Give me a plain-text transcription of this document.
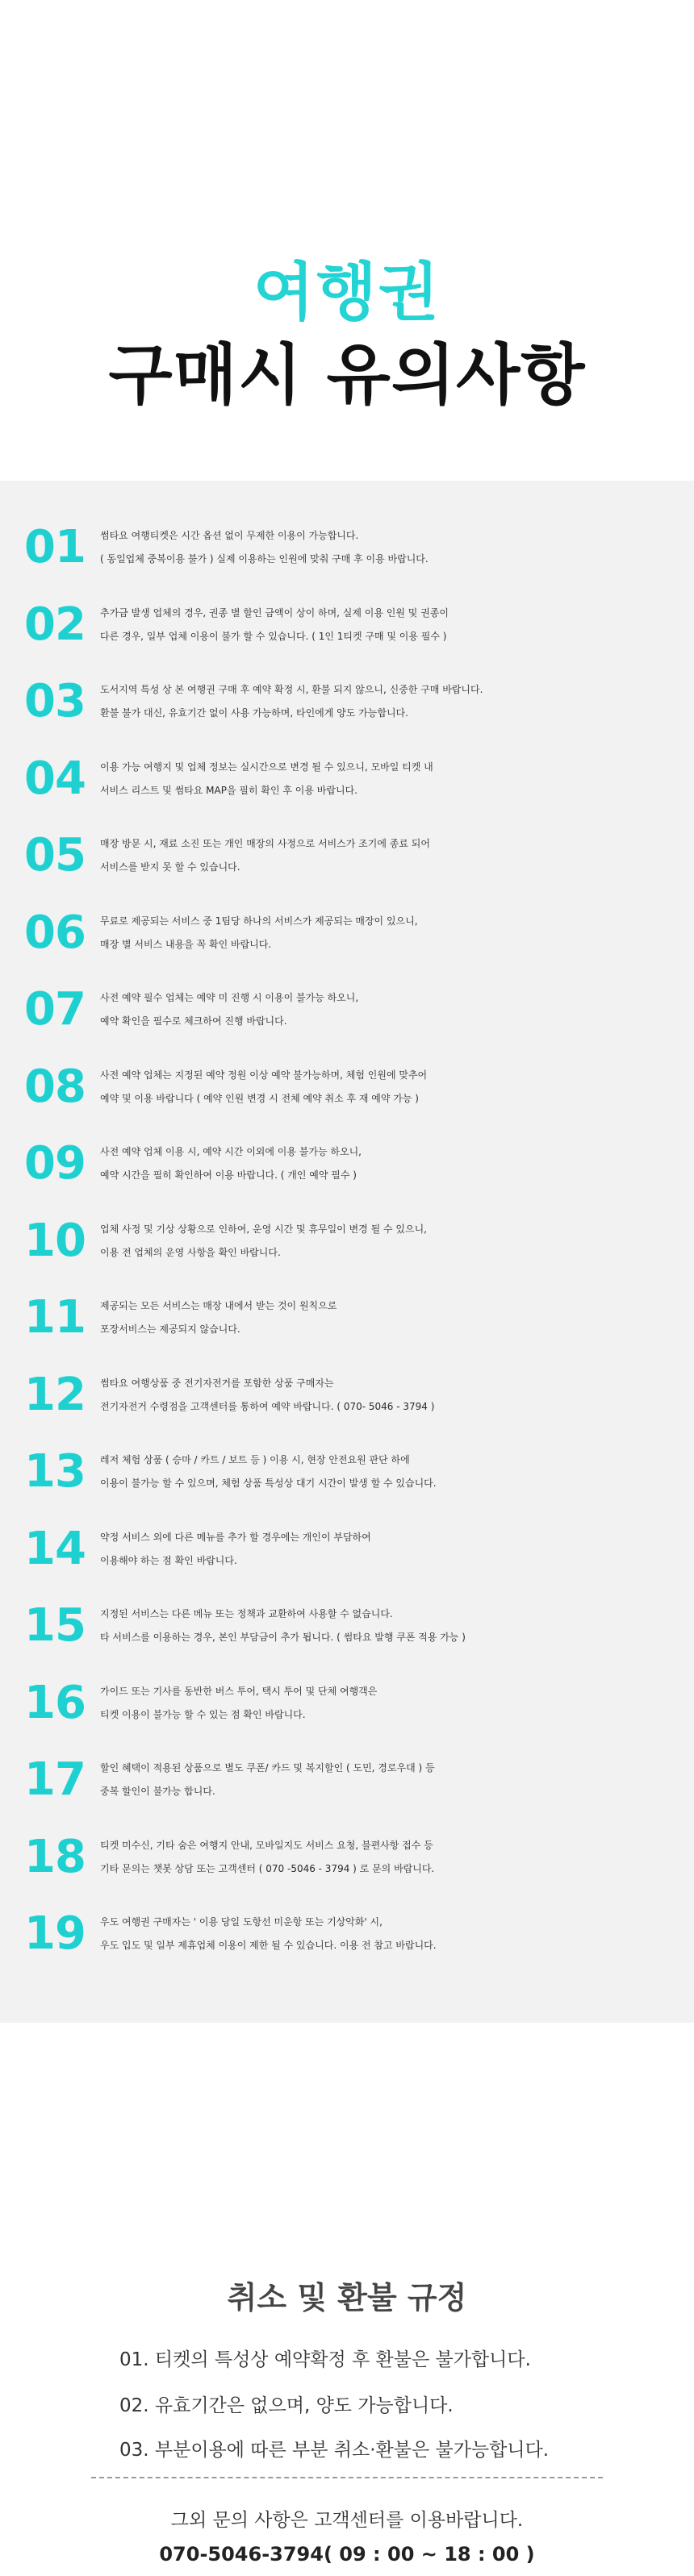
여행권
구매시 유의사항
취소 및 환불 규정
01. 티켓의 특성상 예약확정 후 환불은 불가합니다.
02. 유효기간은 없으며, 양도 가능합니다.
03. 부분이용에 따른 부분 취소·환불은 불가능합니다.
그외 문의 사항은 고객센터를 이용바랍니다.
070-5046-3794( 09 : 00 ~ 18 : 00 )
01	썸타요 여행티켓은 시간 옵션 없이 무제한 이용이 가능합니다.
( 동일업체 중복이용 불가 ) 실제 이용하는 인원에 맞춰 구매 후 이용 바랍니다.
02	추가금 발생 업체의 경우, 권종 별 할인 금액이 상이 하며, 실제 이용 인원 및 권종이
다른 경우, 일부 업체 이용이 불가 할 수 있습니다. ( 1인 1티켓 구매 및 이용 필수 )
03	도서지역 특성 상 본 여행권 구매 후 예약 확정 시, 환불 되지 않으니, 신중한 구매 바랍니다.
환불 불가 대신, 유효기간 없이 사용 가능하며, 타인에게 양도 가능합니다.
04	이용 가능 여행지 및 업체 정보는 실시간으로 변경 될 수 있으니, 모바일 티켓 내
서비스 리스트 및 썸타요 MAP을 필히 확인 후 이용 바랍니다.
05	매장 방문 시, 재료 소진 또는 개인 매장의 사정으로 서비스가 조기에 종료 되어
서비스를 받지 못 할 수 있습니다.
06	무료로 제공되는 서비스 중 1팀당 하나의 서비스가 제공되는 매장이 있으니,
매장 별 서비스 내용을 꼭 확인 바랍니다.
07	사전 예약 필수 업체는 예약 미 진행 시 이용이 불가능 하오니,
예약 확인을 필수로 체크하여 진행 바랍니다.
08	사전 예약 업체는 지정된 예약 정원 이상 예약 불가능하며, 체험 인원에 맞추어
예약 및 이용 바랍니다 ( 예약 인원 변경 시 전체 예약 취소 후 재 예약 가능 )
09	사전 예약 업체 이용 시, 예약 시간 이외에 이용 불가능 하오니,
예약 시간을 필히 확인하여 이용 바랍니다. ( 개인 예약 필수 )
10	업체 사정 및 기상 상황으로 인하여, 운영 시간 및 휴무일이 변경 될 수 있으니,
이용 전 업체의 운영 사항을 확인 바랍니다.
11	제공되는 모든 서비스는 매장 내에서 받는 것이 원칙으로
포장서비스는 제공되지 않습니다.
12	썸타요 여행상품 중 전기자전거를 포함한 상품 구매자는
전기자전거 수령점을 고객센터를 통하여 예약 바랍니다. ( 070- 5046 - 3794 )
13	레저 체험 상품 ( 승마 / 카트 / 보트 등 ) 이용 시, 현장 안전요원 판단 하에
이용이 불가능 할 수 있으며, 체험 상품 특성상 대기 시간이 발생 할 수 있습니다.
14	약정 서비스 외에 다른 메뉴를 추가 할 경우에는 개인이 부담하여
이용해야 하는 점 확인 바랍니다.
15	지정된 서비스는 다른 메뉴 또는 정책과 교환하여 사용할 수 없습니다.
타 서비스를 이용하는 경우, 본인 부담금이 추가 됩니다. ( 썸타요 발행 쿠폰 적용 가능 )
16	가이드 또는 기사를 동반한 버스 투어, 택시 투어 및 단체 여행객은
티켓 이용이 불가능 할 수 있는 점 확인 바랍니다.
17	할인 혜택이 적용된 상품으로 별도 쿠폰/ 카드 및 복지할인 ( 도민, 경로우대 ) 등
중복 할인이 불가능 합니다.
18	티켓 미수신, 기타 숨은 여행지 안내, 모바일지도 서비스 요청, 불편사항 접수 등
기타 문의는 챗봇 상담 또는 고객센터 ( 070 -5046 - 3794 ) 로 문의 바랍니다.
19	우도 여행권 구매자는 ' 이용 당일 도항선 미운항 또는 기상악화' 시,
우도 입도 및 일부 제휴업체 이용이 제한 될 수 있습니다. 이용 전 참고 바랍니다.
